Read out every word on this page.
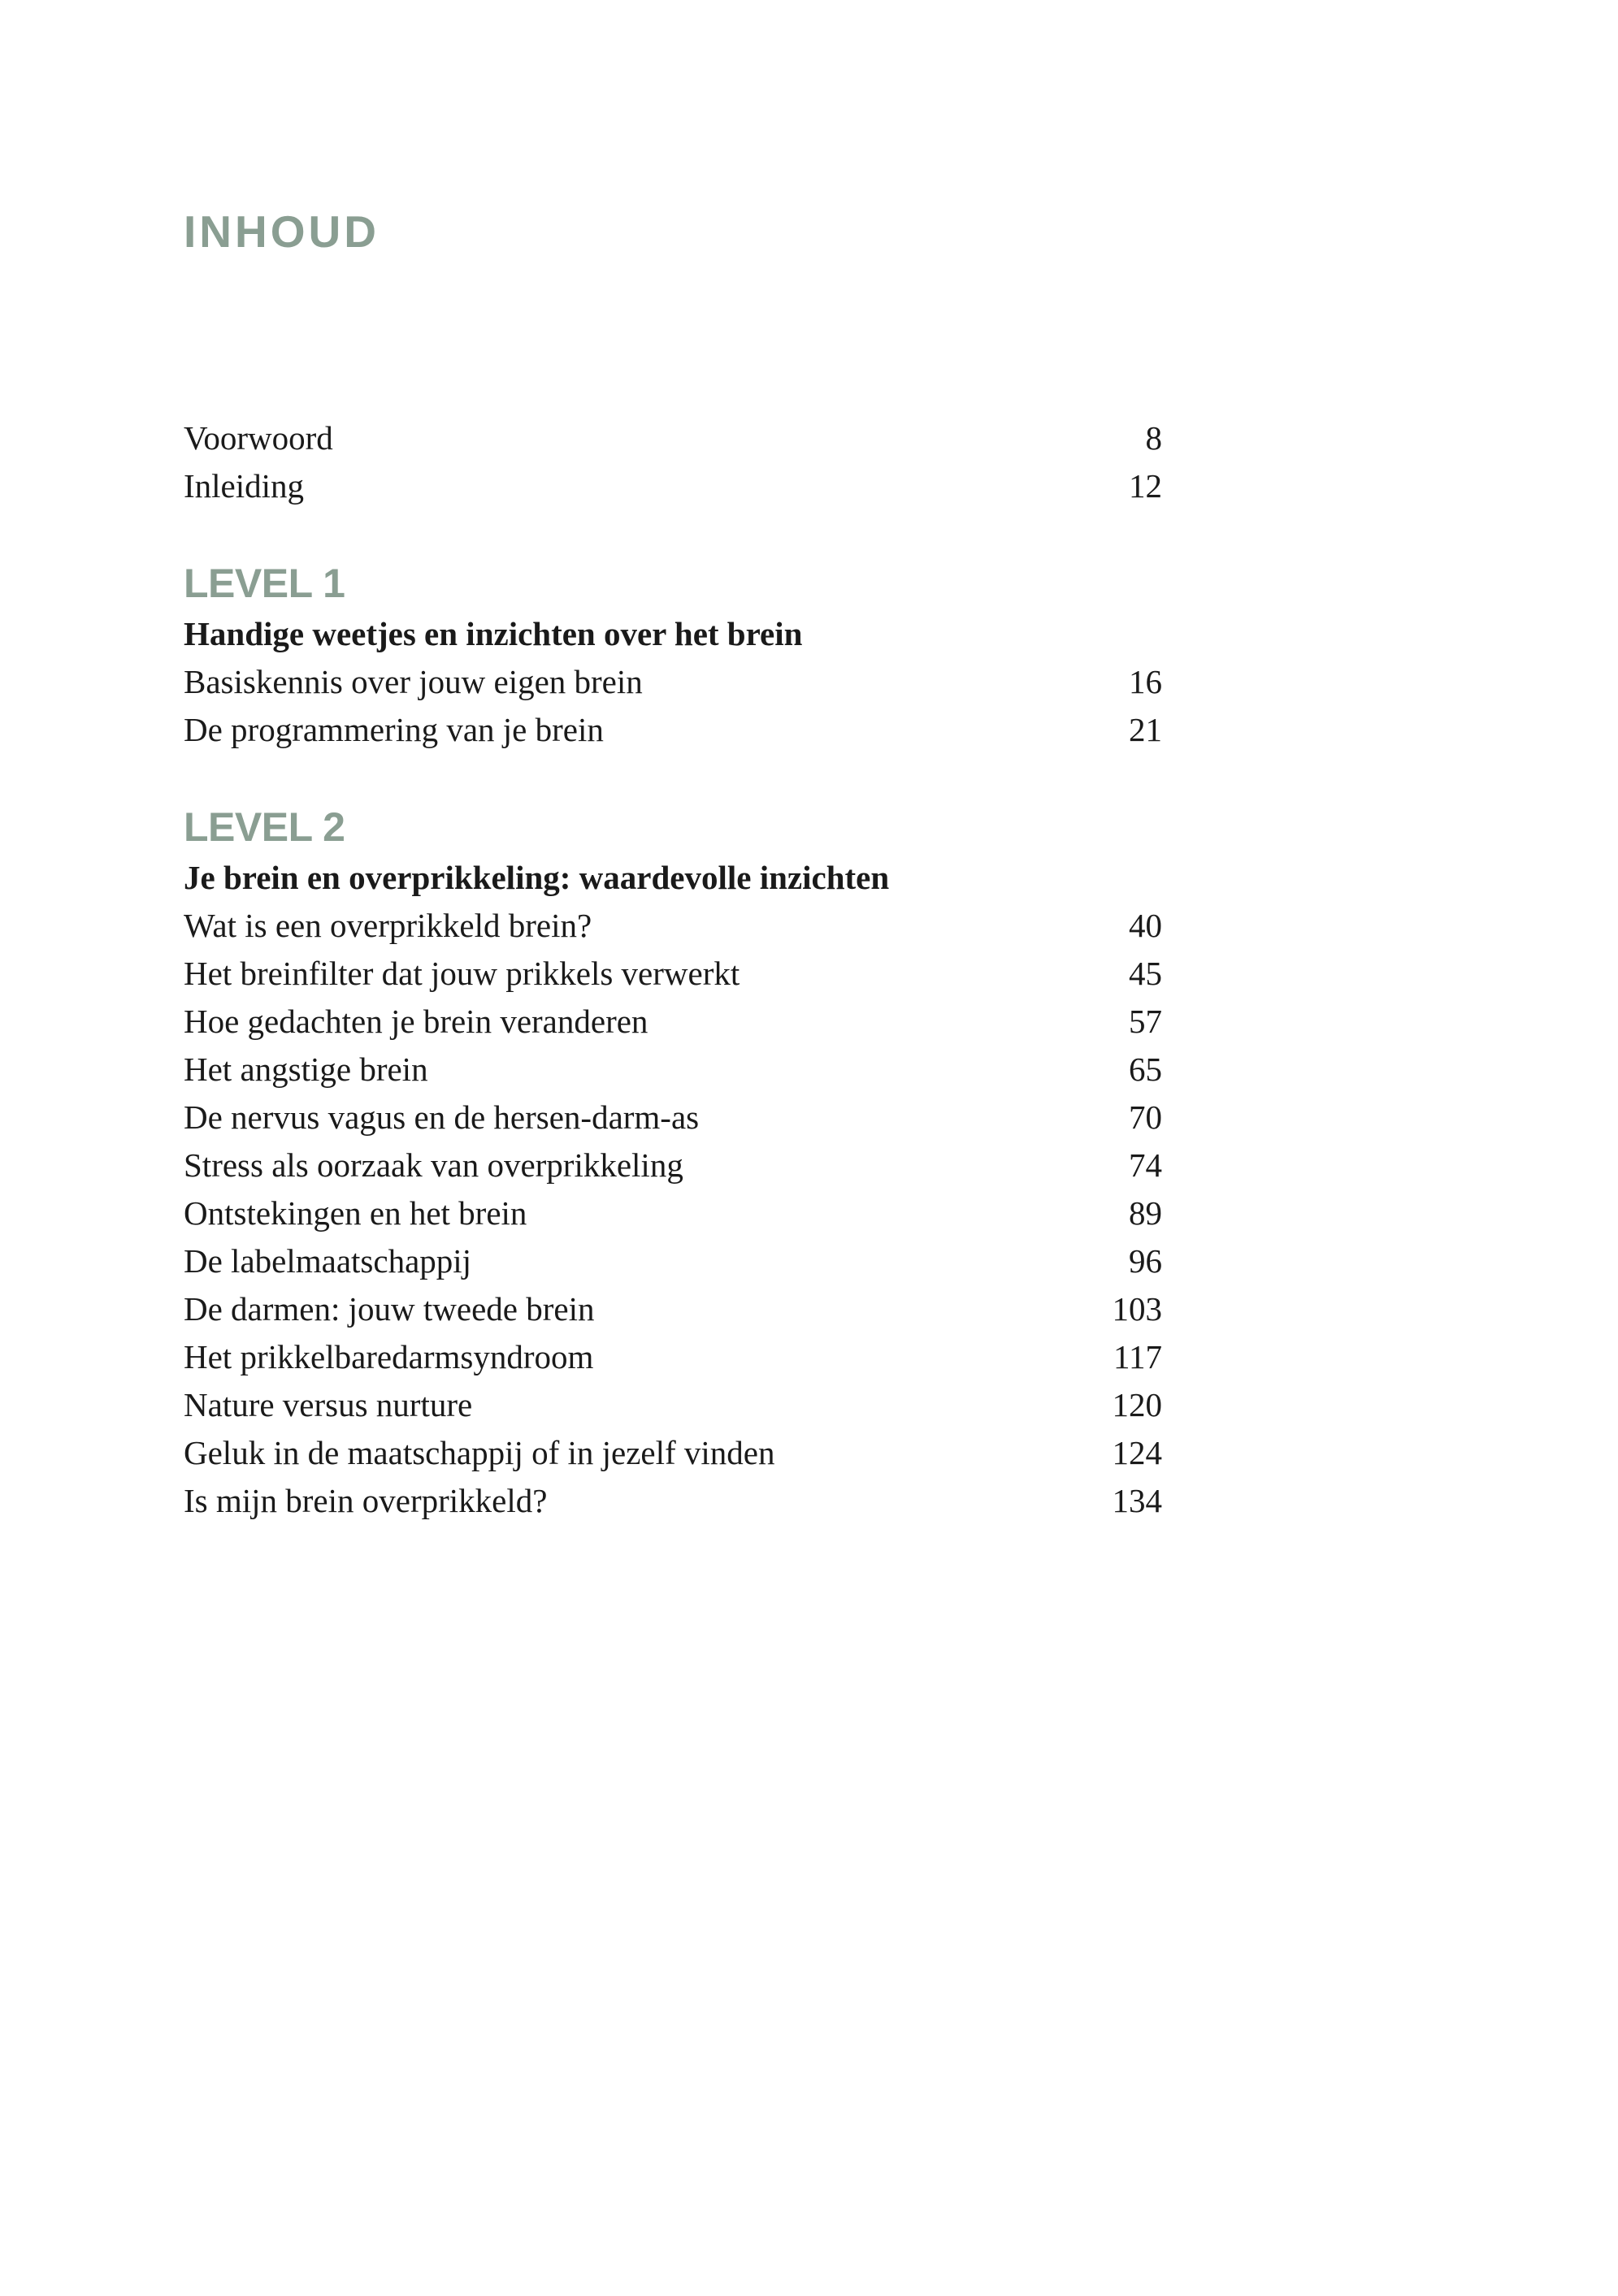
INHOUD
Voorwoord	8
Inleiding	12
LEVEL 1
Handige weetjes en inzichten over het brein
Basiskennis over jouw eigen brein	16
De programmering van je brein	21
LEVEL 2
Je brein en overprikkeling: waardevolle inzichten
Wat is een overprikkeld brein?	40
Het breinfilter dat jouw prikkels verwerkt	45
Hoe gedachten je brein veranderen	57
Het angstige brein	65
De nervus vagus en de hersen-darm-as	70
Stress als oorzaak van overprikkeling	74
Ontstekingen en het brein	89
De labelmaatschappij	96
De darmen: jouw tweede brein	103
Het prikkelbaredarmsyndroom	117
Nature versus nurture	120
Geluk in de maatschappij of in jezelf vinden	124
Is mijn brein overprikkeld?	134
